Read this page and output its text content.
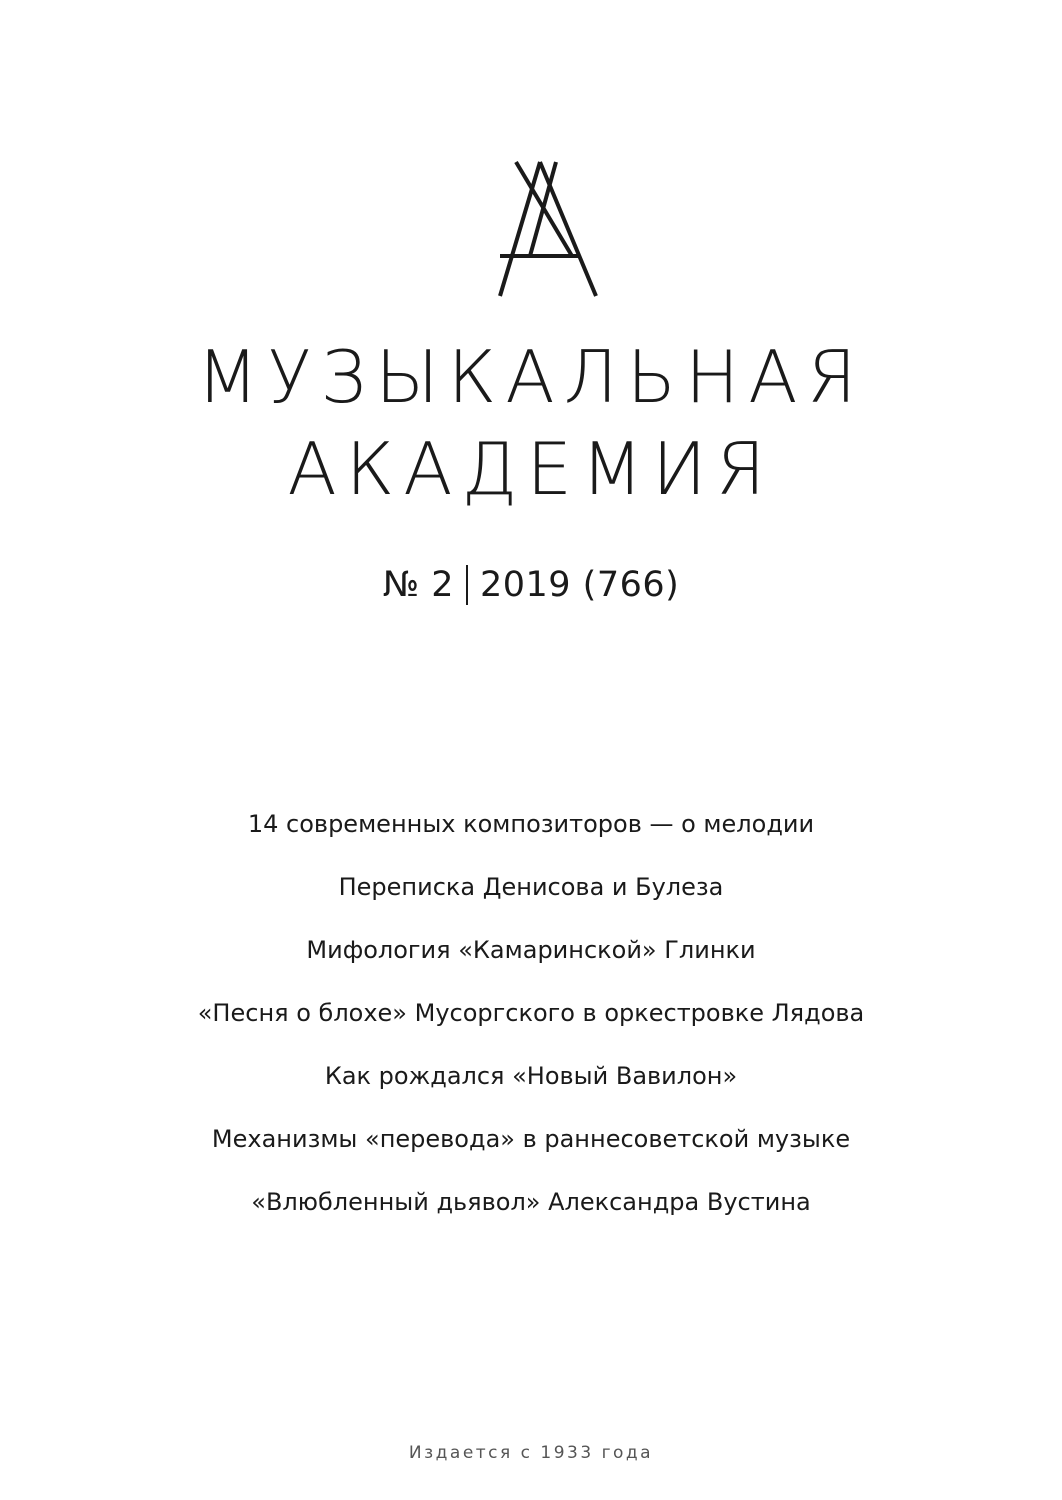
МУЗЫКАЛЬНАЯ
АКАДЕМИЯ
№ 2 2019 (766)
14 современных композиторов — о мелодии
Переписка Денисова и Булеза
Мифология «Камаринской» Глинки
«Песня о блохе» Мусоргского в оркестровке Лядова
Как рождался «Новый Вавилон»
Механизмы «перевода» в раннесоветской музыке
«Влюбленный дьявол» Александра Вустина
Издается с 1933 года
